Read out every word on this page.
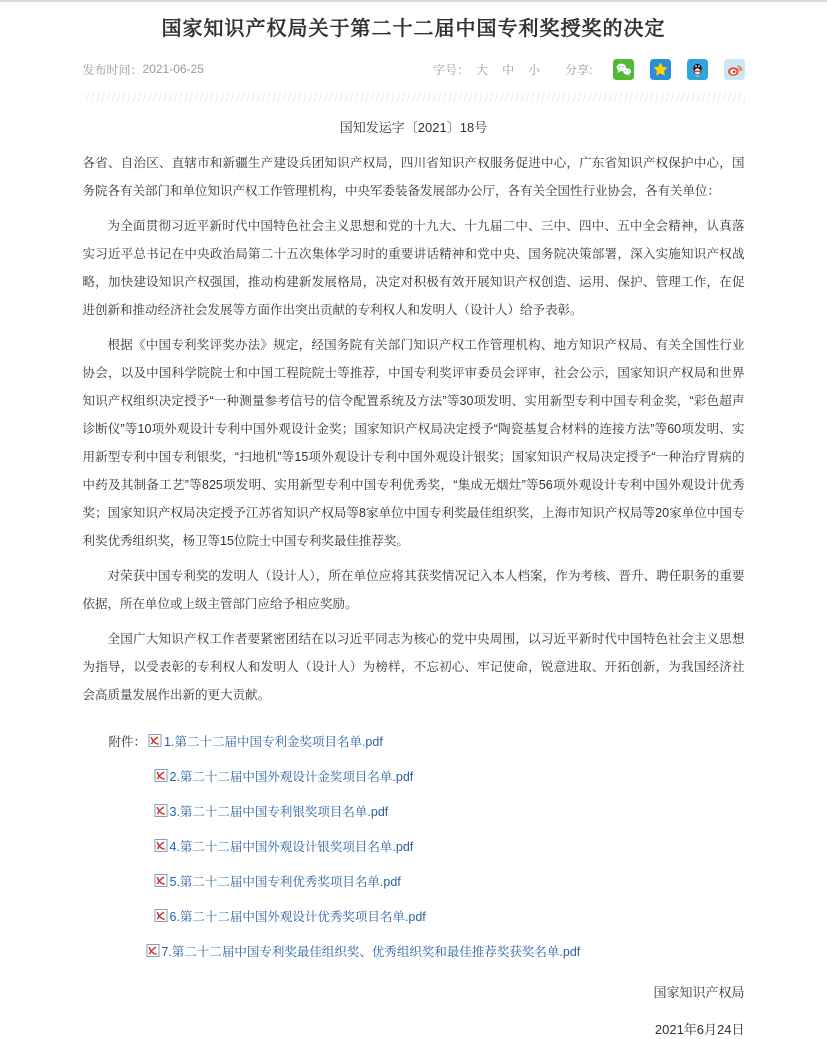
国家知识产权局关于第二十二届中国专利奖授奖的决定
发布时间： 2021-06-25	字号： 大 中 小 分享:
国知发运字〔2021〕18号

各省、自治区、直辖市和新疆生产建设兵团知识产权局，四川省知识产权服务促进中心，广东省知识产权保护中心，国务院各有关部门和单位知识产权工作管理机构，中央军委装备发展部办公厅，各有关全国性行业协会，各有关单位：

为全面贯彻习近平新时代中国特色社会主义思想和党的十九大、十九届二中、三中、四中、五中全会精神，认真落实习近平总书记在中央政治局第二十五次集体学习时的重要讲话精神和党中央、国务院决策部署，深入实施知识产权战略，加快建设知识产权强国，推动构建新发展格局，决定对积极有效开展知识产权创造、运用、保护、管理工作，在促进创新和推动经济社会发展等方面作出突出贡献的专利权人和发明人（设计人）给予表彰。

根据《中国专利奖评奖办法》规定，经国务院有关部门知识产权工作管理机构、地方知识产权局、有关全国性行业协会，以及中国科学院院士和中国工程院院士等推荐，中国专利奖评审委员会评审，社会公示，国家知识产权局和世界知识产权组织决定授予“一种测量参考信号的信令配置系统及方法”等30项发明、实用新型专利中国专利金奖，“彩色超声诊断仪”等10项外观设计专利中国外观设计金奖；国家知识产权局决定授予“陶瓷基复合材料的连接方法”等60项发明、实用新型专利中国专利银奖，“扫地机”等15项外观设计专利中国外观设计银奖；国家知识产权局决定授予“一种治疗胃病的中药及其制备工艺”等825项发明、实用新型专利中国专利优秀奖，“集成无烟灶”等56项外观设计专利中国外观设计优秀奖；国家知识产权局决定授予江苏省知识产权局等8家单位中国专利奖最佳组织奖，上海市知识产权局等20家单位中国专利奖优秀组织奖，杨卫等15位院士中国专利奖最佳推荐奖。

对荣获中国专利奖的发明人（设计人），所在单位应将其获奖情况记入本人档案，作为考核、晋升、聘任职务的重要依据，所在单位或上级主管部门应给予相应奖励。

全国广大知识产权工作者要紧密团结在以习近平同志为核心的党中央周围，以习近平新时代中国特色社会主义思想为指导，以受表彰的专利权人和发明人（设计人）为榜样，不忘初心、牢记使命，锐意进取、开拓创新，为我国经济社会高质量发展作出新的更大贡献。

附件： 1.第二十二届中国专利金奖项目名单.pdf
2.第二十二届中国外观设计金奖项目名单.pdf
3.第二十二届中国专利银奖项目名单.pdf
4.第二十二届中国外观设计银奖项目名单.pdf
5.第二十二届中国专利优秀奖项目名单.pdf
6.第二十二届中国外观设计优秀奖项目名单.pdf
7.第二十二届中国专利奖最佳组织奖、优秀组织奖和最佳推荐奖获奖名单.pdf
国家知识产权局
2021年6月24日
